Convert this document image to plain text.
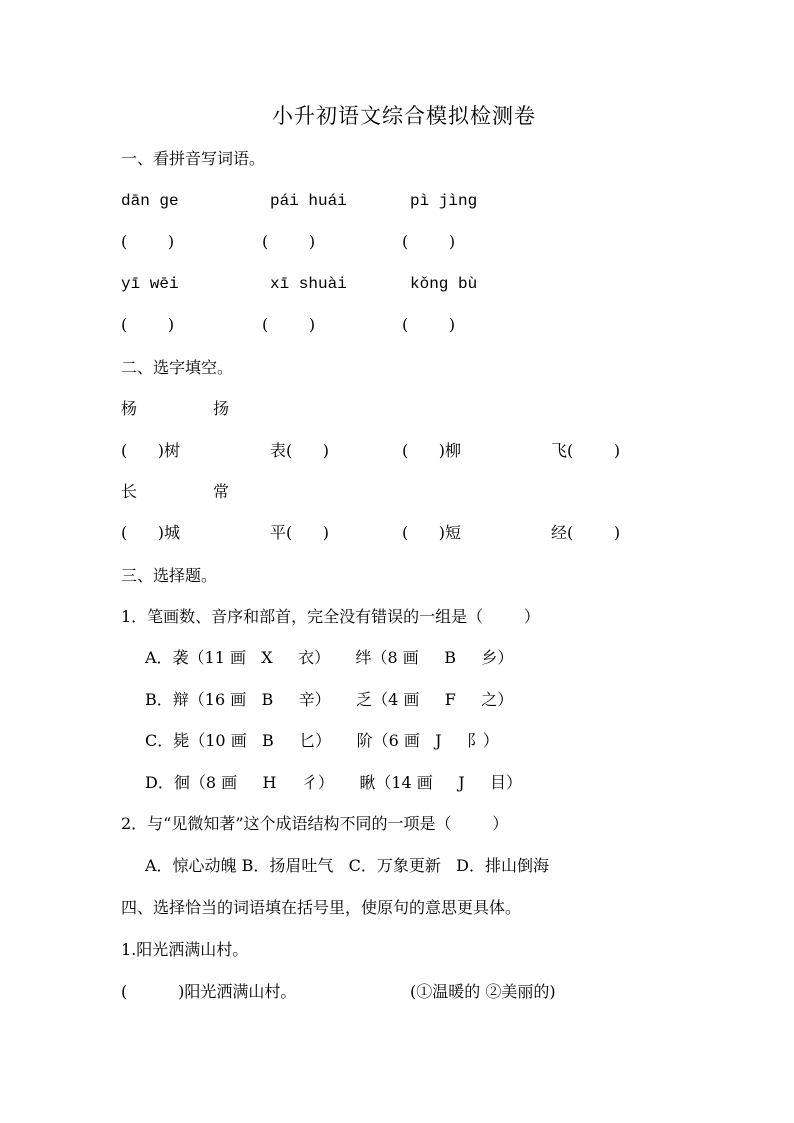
小升初语文综合模拟检测卷
一、看拼音写词语。
dān ge	pái huái	pì jìng
(        )	(        )	(        )
yī wēi	xī shuài	kǒng bù
(        )	(        )	(        )
二、选字填空。
杨	扬
(      )树	表(      )	(      )柳	飞(        )
长	常
(      )城	平(      )	(      )短	经(        )
三、选择题。
1．笔画数、音序和部首，完全没有错误的一组是（        ）
A．袭（11 画   X     衣）     绊（8 画     B     乡）
B．辩（16 画   B     辛）     乏（4 画     F     之）
C．毙（10 画   B     匕）     阶（6 画   J     阝）
D．徊（8 画     H     彳）     瞅（14 画     J     目）
2．与“见微知著”这个成语结构不同的一项是（        ）
A．惊心动魄 B．扬眉吐气   C．万象更新   D．排山倒海
四、选择恰当的词语填在括号里，使原句的意思更具体。
1.阳光洒满山村。
(          )阳光洒满山村。	(①温暖的 ②美丽的)
